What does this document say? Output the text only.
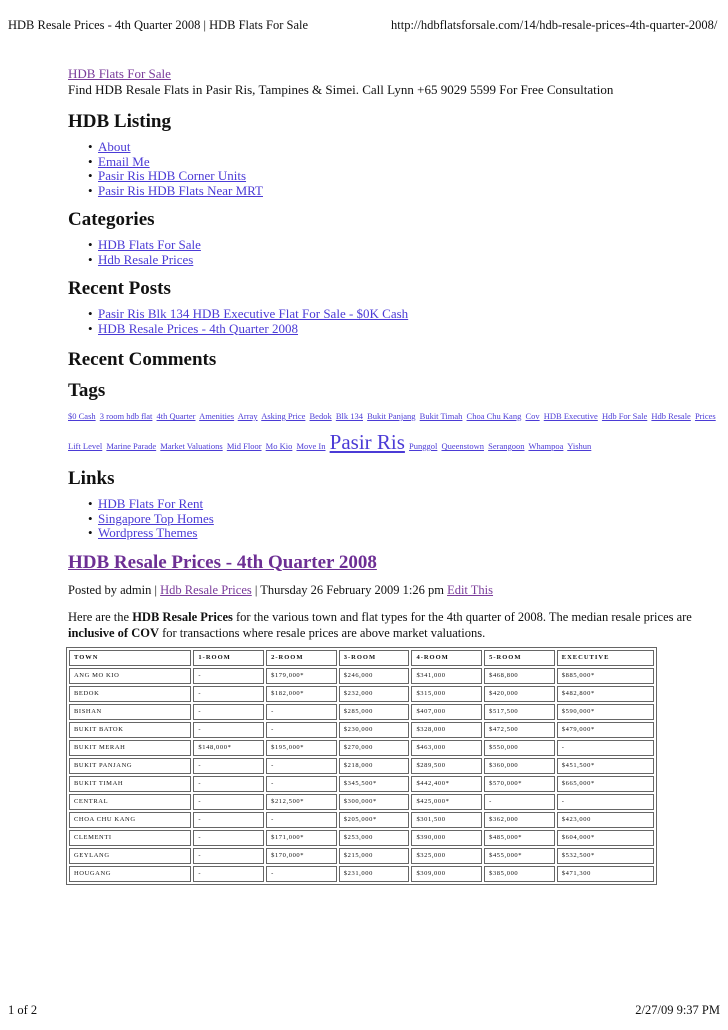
HDB Resale Prices - 4th Quarter 2008 | HDB Flats For Sale	http://hdbflatsforsale.com/14/hdb-resale-prices-4th-quarter-2008/
HDB Flats For Sale
Find HDB Resale Flats in Pasir Ris, Tampines & Simei. Call Lynn +65 9029 5599 For Free Consultation
HDB Listing
• About
• Email Me
• Pasir Ris HDB Corner Units
• Pasir Ris HDB Flats Near MRT
Categories
• HDB Flats For Sale
• Hdb Resale Prices
Recent Posts
• Pasir Ris Blk 134 HDB Executive Flat For Sale - $0K Cash
• HDB Resale Prices - 4th Quarter 2008
Recent Comments
Tags
$0 Cash 3 room hdb flat 4th Quarter Amenities Array Asking Price Bedok Blk 134 Bukit Panjang Bukit Timah Choa Chu Kang Cov HDB Executive Hdb For Sale Hdb Resale Prices Lift Level Marine Parade Market Valuations Mid Floor Mo Kio Move In Pasir Ris Punggol Queenstown Serangoon Whampoa Yishun
Links
• HDB Flats For Rent
• Singapore Top Homes
• Wordpress Themes
HDB Resale Prices - 4th Quarter 2008
Posted by admin | Hdb Resale Prices | Thursday 26 February 2009 1:26 pm Edit This
Here are the HDB Resale Prices for the various town and flat types for the 4th quarter of 2008. The median resale prices are inclusive of COV for transactions where resale prices are above market valuations.
TOWN	1-ROOM	2-ROOM	3-ROOM	4-ROOM	5-ROOM	EXECUTIVE
ANG MO KIO	-	$179,000*	$246,000	$341,000	$468,800	$885,000*
BEDOK	-	$182,000*	$232,000	$315,000	$420,000	$482,800*
BISHAN	-	-	$285,000	$407,000	$517,500	$590,000*
BUKIT BATOK	-	-	$230,000	$328,000	$472,500	$479,000*
BUKIT MERAH	$148,000*	$195,000*	$270,000	$463,000	$550,000	-
BUKIT PANJANG	-	-	$218,000	$289,500	$360,000	$451,500*
BUKIT TIMAH	-	-	$345,500*	$442,400*	$570,000*	$665,000*
CENTRAL	-	$212,500*	$300,000*	$425,000*	-	-
CHOA CHU KANG	-	-	$205,000*	$301,500	$362,000	$423,000
CLEMENTI	-	$171,000*	$253,000	$390,000	$485,000*	$604,000*
GEYLANG	-	$170,000*	$215,000	$325,000	$455,000*	$532,500*
HOUGANG	-	-	$231,000	$309,000	$385,000	$471,300
1 of 2	2/27/09 9:37 PM
